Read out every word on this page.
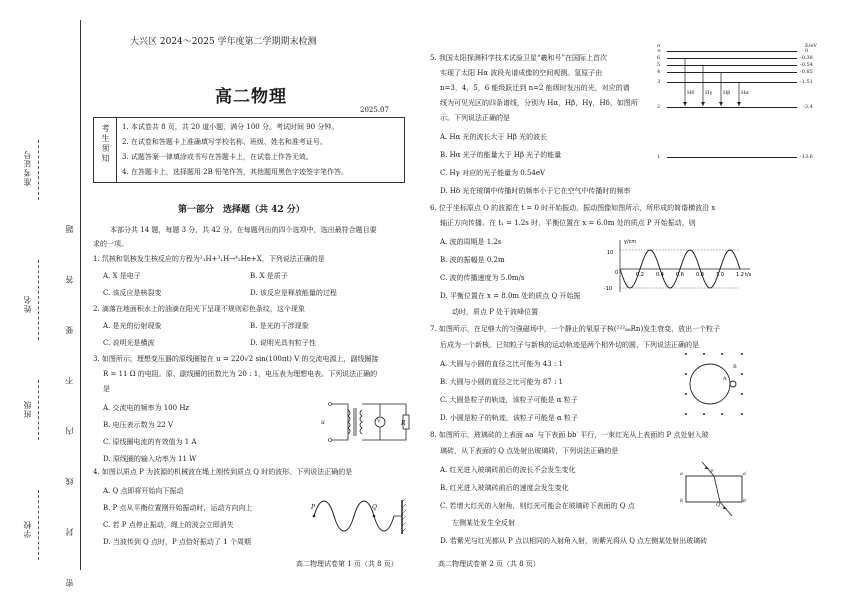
准考证号
姓名
班级
学校	密 封 线 内 不 要 答 题
大兴区 2024～2025 学年度第二学期期末检测
高二物理
2025.07
考生须知 1. 本试卷共 8 页，共 20 道小题，满分 100 分。考试时间 90 分钟。
2. 在试卷和答题卡上准确填写学校名称、班级、姓名和准考证号。
3. 试题答案一律填涂或书写在答题卡上，在试卷上作答无效。
4. 在答题卡上，选择题用 2B 铅笔作答，其他题用黑色字迹签字笔作答。
第一部分　选择题（共 42 分）
本部分共 14 题，每题 3 分，共 42 分。在每题列出的四个选项中，选出最符合题目要
求的一项。
1. 氘核和氚核发生核反应的方程为²₁H+³₁H→⁴₂He+X，下列说法正确的是
A. X 是电子	B. X 是质子
C. 该反应是核裂变	D. 该反应是释放能量的过程
2. 滴落在地面积水上的油滴在阳光下呈现不规则彩色条纹，这个现象
A. 是光的衍射现象	B. 是光的干涉现象
C. 说明光是横波	D. 说明光具有粒子性
3. 如图所示，理想变压器的原线圈接在 u = 220√2 sin(100πt) V 的交流电源上，副线圈接
R = 11 Ω 的电阻。原、副线圈的匝数比为 20 : 1，电压表为理想电表。下列说法正确的
是
A. 交流电的频率为 100 Hz
B. 电压表示数为 22 V
C. 原线圈电流的有效值为 1 A
D. 原线圈的输入功率为 11 W
u	V	R
4. 如图以质点 P 为波源的机械波在绳上刚传到质点 Q 时的波形。下列说法正确的是
A. Q 点即将开始向下振动
B. P 点从平衡位置刚开始振动时，运动方向向上
C. 若 P 点停止振动，绳上的波会立即消失
D. 当波传到 Q 点时，P 点恰好振动了 1 个周期
P	Q
高二物理试卷第 1 页（共 8 页）
5. 我国太阳探测科学技术试验卫星“羲和号”在国际上首次
实现了太阳 Hα 波段光谱成像的空间观测。氢原子由
n=3，4，5，6 能级跃迁到 n=2 能级时发出的光，对应的谱
线为可见光区的四条谱线，分别为 Hα，Hβ，Hγ，Hδ，如图所
示。下列说法正确的是
A. Hα 光的波长大于 Hβ 光的波长
B. Hα 光子的能量大于 Hβ 光子的能量
C. Hγ 对应的光子能量为 0.54eV
D. Hδ 光在玻璃中传播时的频率小于它在空气中传播时的频率
n	E/eV
∞	0
6	-0.38
5	-0.54
4	-0.85
3	-1.51
2	-3.4
1	-13.6
Hδ Hγ Hβ Hα
6. 位于坐标原点 O 的波源在 t = 0 时开始振动，振动图像如图所示，所形成的简谐横波沿 x
轴正方向传播。在 t₁ = 1.2s 时，平衡位置在 x = 6.0m 处的质点 P 开始振动，则
A. 波的周期是 1.2s
B. 波的振幅是 0.2m
C. 波的传播速度为 5.0m/s
D. 平衡位置在 x = 8.0m 处的质点 Q 开始振
动时，质点 P 处于波峰位置
y/cm
t/s
0
10
-10
0.2 0.4 0.6 0.8 1.0 1.2
7. 如图所示，在足够大的匀强磁场中，一个静止的氡原子核(²²²₈₆Rn)发生衰变，放出一个粒子
后成为一个新核。已知粒子与新核的运动轨迹是两个相外切的圆，下列说法正确的是
A. 大圆与小圆的直径之比可能为 43 : 1
B. 大圆与小圆的直径之比可能为 87 : 1
C. 大圆是粒子的轨迹，该粒子可能是 α 粒子
D. 小圆是粒子的轨迹，该粒子可能是 α 粒子
A
B
8. 如图所示，玻璃砖的上表面 aa′ 与下表面 bb′ 平行，一束红光从上表面的 P 点处射入玻
璃砖，从下表面的 Q 点处射出玻璃砖，下列说法正确的是
A. 红光进入玻璃砖前后的波长不会发生变化
B. 红光进入玻璃砖前后的速度会发生变化
C. 若增大红光的入射角，则红光可能会在玻璃砖下表面的 Q 点
左侧某处发生全反射
D. 若紫光与红光都从 P 点以相同的入射角入射，则紫光将从 Q 点左侧某处射出玻璃砖
a	a′
b	b′
P
Q
高二物理试卷第 2 页（共 8 页）
